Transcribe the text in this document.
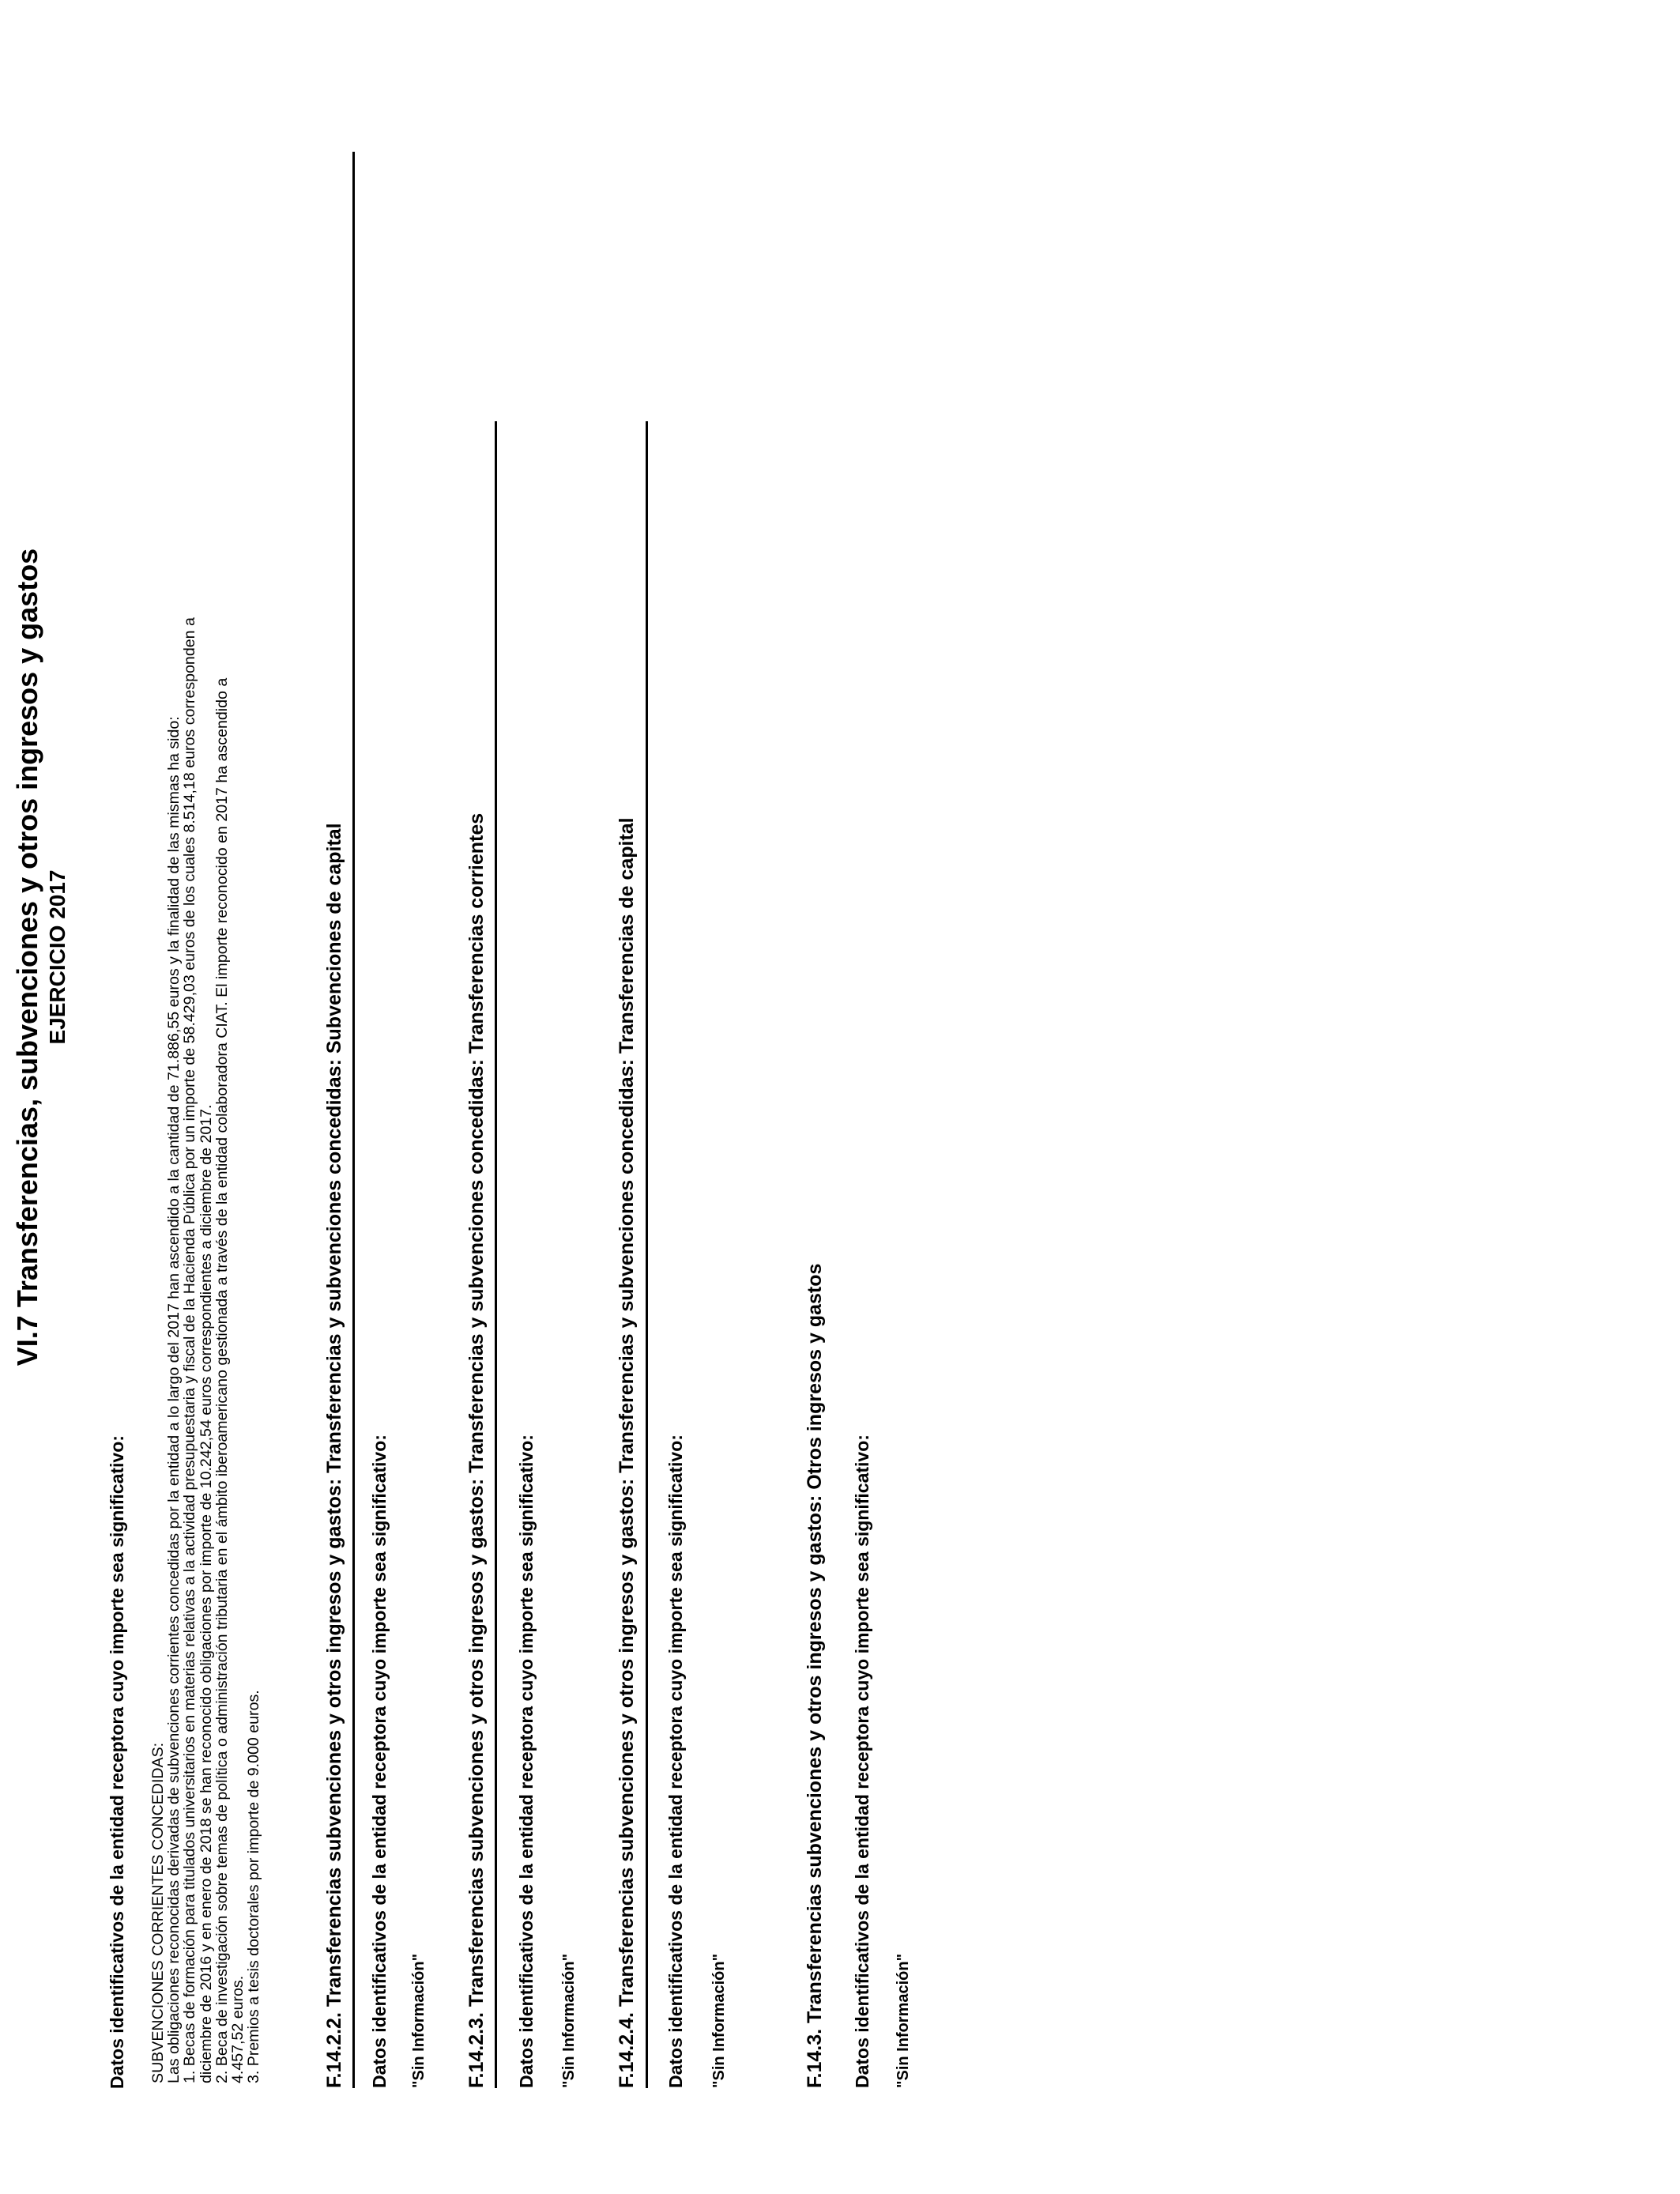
VI.7 Transferencias, subvenciones y otros ingresos y gastos EJERCICIO 2017
Datos identificativos de la entidad receptora cuyo importe sea significativo: SUBVENCIONES CORRIENTES CONCEDIDAS:
Las obligaciones reconocidas derivadas de subvenciones corrientes concedidas por la entidad a lo largo del 2017 han ascendido a la cantidad de 71.886,55 euros y la finalidad de las mismas ha sido:
1. Becas de formación para titulados universitarios en materias relativas a la actividad presupuestaria y fiscal de la Hacienda Pública por un importe de 58.429,03 euros de los cuales 8.514,18 euros corresponden a
diciembre de 2016 y en enero de 2018 se han reconocido obligaciones por importe de 10.242,54 euros correspondientes a diciembre de 2017.
2. Beca de investigación sobre temas de política o administración tributaria en el ámbito iberoamericano gestionada a través de la entidad colaboradora CIAT. El importe reconocido en 2017 ha ascendido a
4.457,52 euros.
3. Premios a tesis doctorales por importe de 9.000 euros.	F.14.2.2. Transferencias subvenciones y otros ingresos y gastos: Transferencias y subvenciones concedidas: Subvenciones de capital Datos identificativos de la entidad receptora cuyo importe sea significativo: "Sin Información" F.14.2.3. Transferencias subvenciones y otros ingresos y gastos: Transferencias y subvenciones concedidas: Transferencias corrientes Datos identificativos de la entidad receptora cuyo importe sea significativo: "Sin Información" F.14.2.4. Transferencias subvenciones y otros ingresos y gastos: Transferencias y subvenciones concedidas: Transferencias de capital Datos identificativos de la entidad receptora cuyo importe sea significativo: "Sin Información"	F.14.3. Transferencias subvenciones y otros ingresos y gastos: Otros ingresos y gastos Datos identificativos de la entidad receptora cuyo importe sea significativo: "Sin Información"
